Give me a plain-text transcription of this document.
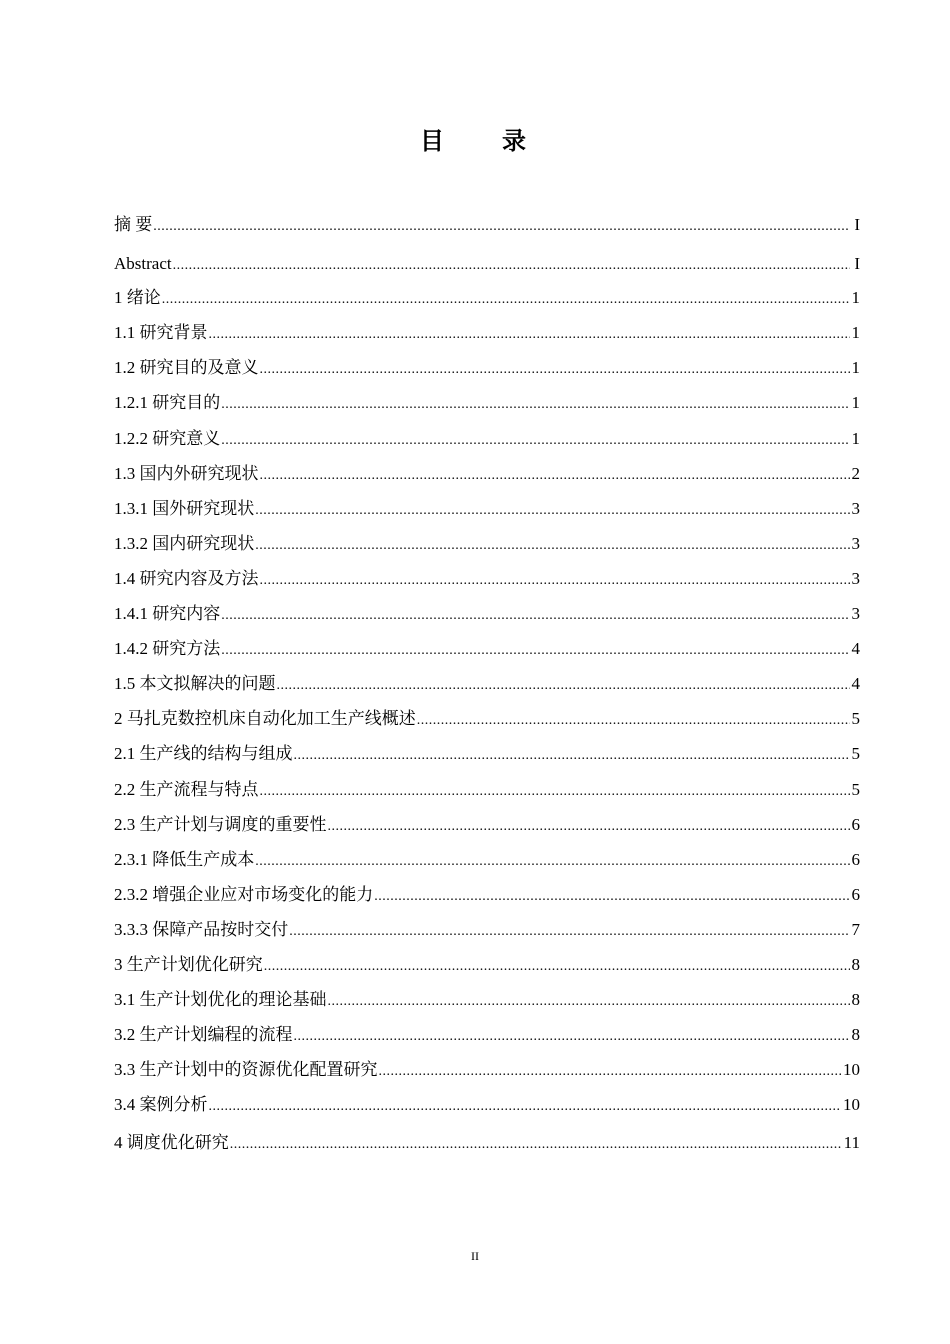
目 录
摘 要 .....	I
Abstract .....	I
1 绪论 .....	1
1.1 研究背景 .....	1
1.2 研究目的及意义 .....	1
1.2.1 研究目的 .....	1
1.2.2 研究意义 .....	1
1.3 国内外研究现状 .....	2
1.3.1 国外研究现状 .....	3
1.3.2 国内研究现状 .....	3
1.4 研究内容及方法 .....	3
1.4.1 研究内容 .....	3
1.4.2 研究方法 .....	4
1.5 本文拟解决的问题 .....	4
2 马扎克数控机床自动化加工生产线概述 .....	5
2.1 生产线的结构与组成 .....	5
2.2 生产流程与特点 .....	5
2.3 生产计划与调度的重要性 .....	6
2.3.1 降低生产成本 .....	6
2.3.2 增强企业应对市场变化的能力 .....	6
3.3.3 保障产品按时交付 .....	7
3 生产计划优化研究 .....	8
3.1 生产计划优化的理论基础 .....	8
3.2 生产计划编程的流程 .....	8
3.3 生产计划中的资源优化配置研究 .....	10
3.4 案例分析 .....	10
4 调度优化研究 .....	11
II
